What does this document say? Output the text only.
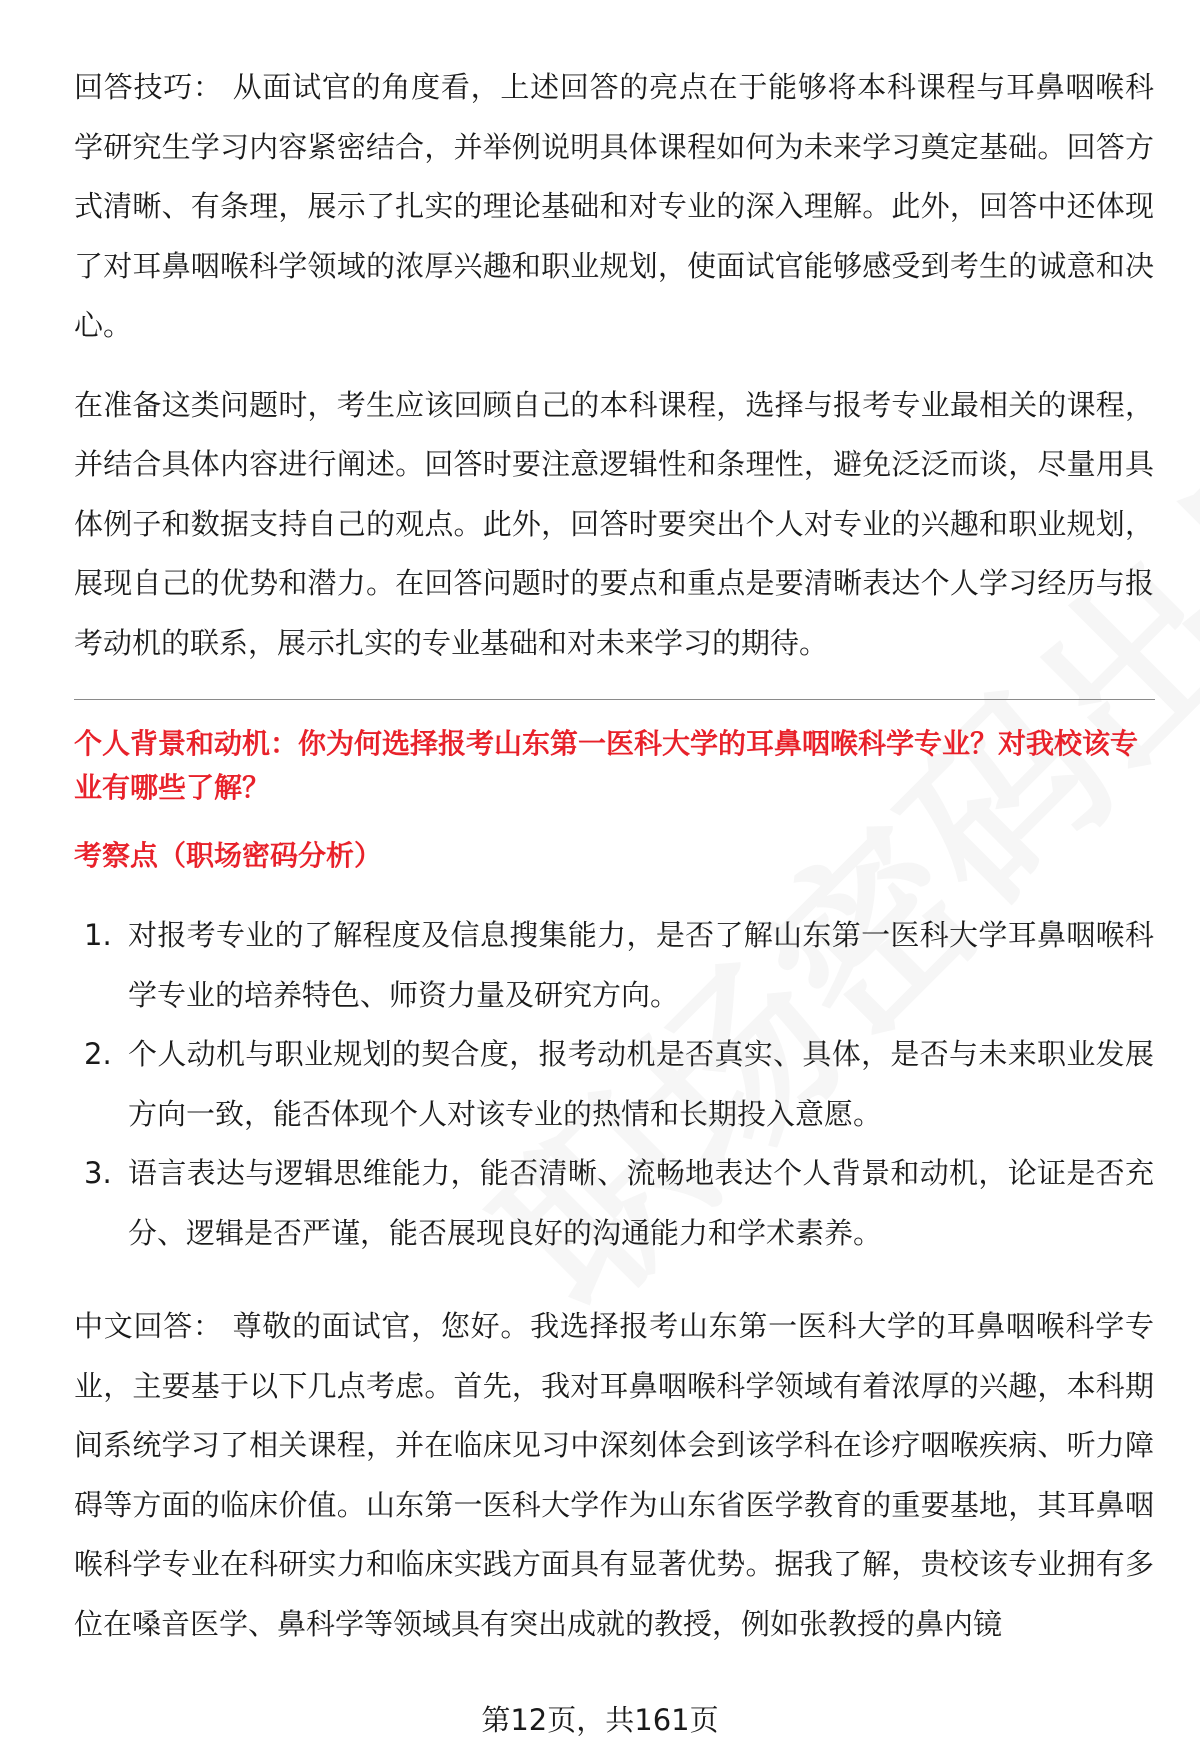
回答技巧： 从面试官的角度看，上述回答的亮点在于能够将本科课程与耳鼻咽喉科学研究生学习内容紧密结合，并举例说明具体课程如何为未来学习奠定基础。回答方式清晰、有条理，展示了扎实的理论基础和对专业的深入理解。此外，回答中还体现了对耳鼻咽喉科学领域的浓厚兴趣和职业规划，使面试官能够感受到考生的诚意和决心。

在准备这类问题时，考生应该回顾自己的本科课程，选择与报考专业最相关的课程，并结合具体内容进行阐述。回答时要注意逻辑性和条理性，避免泛泛而谈，尽量用具体例子和数据支持自己的观点。此外，回答时要突出个人对专业的兴趣和职业规划，展现自己的优势和潜力。在回答问题时的要点和重点是要清晰表达个人学习经历与报考动机的联系，展示扎实的专业基础和对未来学习的期待。

个人背景和动机：你为何选择报考山东第一医科大学的耳鼻咽喉科学专业？对我校该专业有哪些了解？
考察点（职场密码分析）
1. 对报考专业的了解程度及信息搜集能力，是否了解山东第一医科大学耳鼻咽喉科学专业的培养特色、师资力量及研究方向。
2. 个人动机与职业规划的契合度，报考动机是否真实、具体，是否与未来职业发展方向一致，能否体现个人对该专业的热情和长期投入意愿。
3. 语言表达与逻辑思维能力，能否清晰、流畅地表达个人背景和动机，论证是否充分、逻辑是否严谨，能否展现良好的沟通能力和学术素养。

中文回答： 尊敬的面试官，您好。我选择报考山东第一医科大学的耳鼻咽喉科学专业，主要基于以下几点考虑。首先，我对耳鼻咽喉科学领域有着浓厚的兴趣，本科期间系统学习了相关课程，并在临床见习中深刻体会到该学科在诊疗咽喉疾病、听力障碍等方面的临床价值。山东第一医科大学作为山东省医学教育的重要基地，其耳鼻咽喉科学专业在科研实力和临床实践方面具有显著优势。据我了解，贵校该专业拥有多位在嗓音医学、鼻科学等领域具有突出成就的教授，例如张教授的鼻内镜

第12页，共161页
